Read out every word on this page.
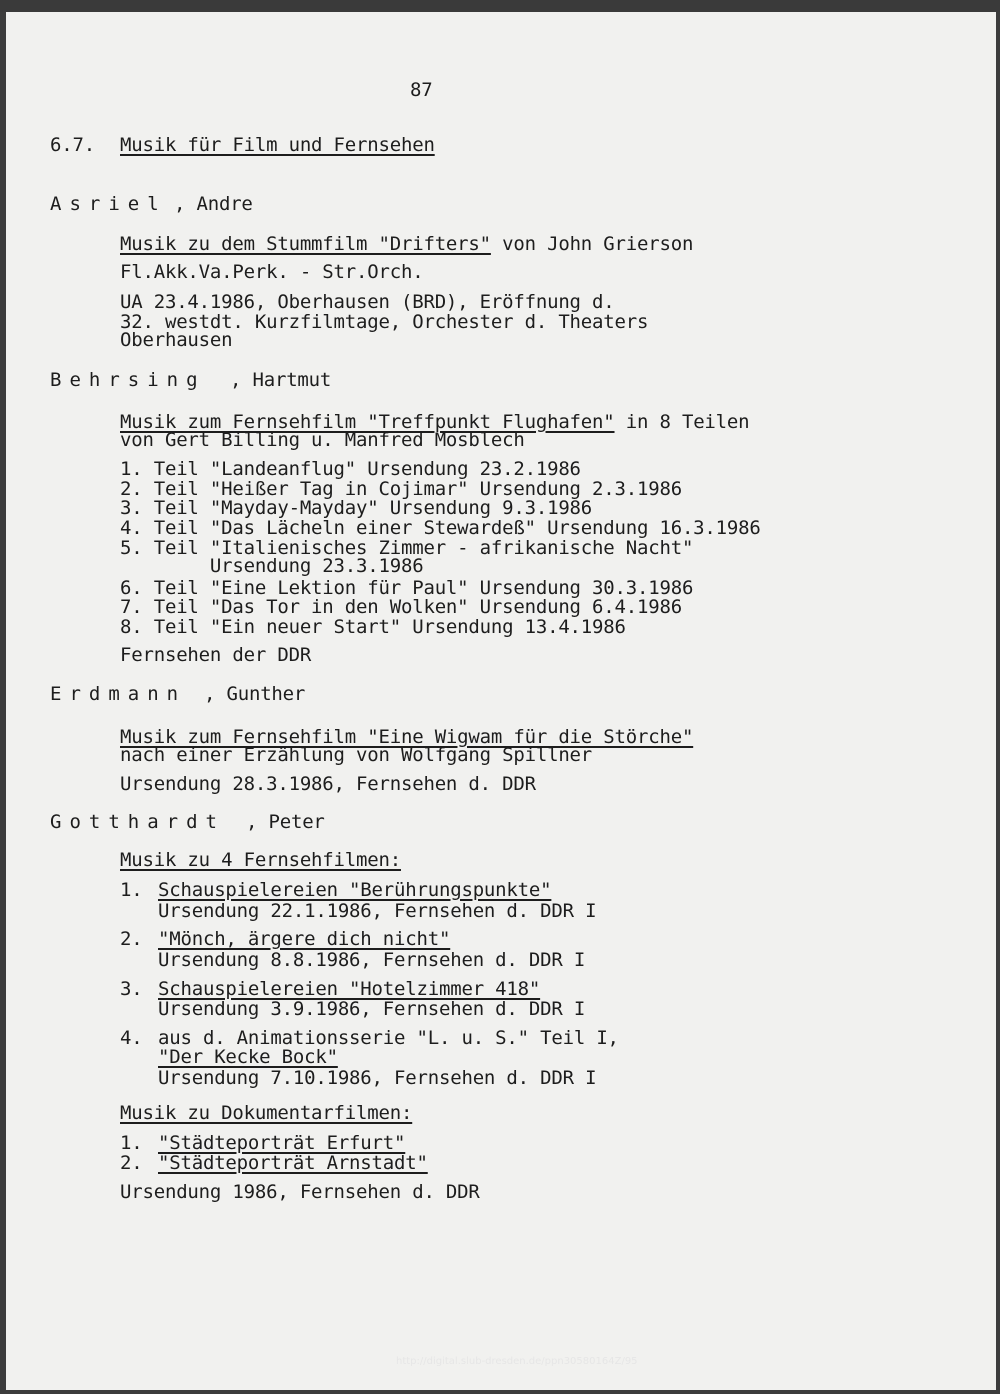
87
6.7. Musik für Film und Fernsehen
Asriel , Andre
Musik zu dem Stummfilm "Drifters" von John Grierson
Fl.Akk.Va.Perk. - Str.Orch.
UA 23.4.1986, Oberhausen (BRD), Eröffnung d.
32. westdt. Kurzfilmtage, Orchester d. Theaters
Oberhausen
Behrsing , Hartmut
Musik zum Fernsehfilm "Treffpunkt Flughafen" in 8 Teilen
von Gert Billing u. Manfred Mosblech
1. Teil "Landeanflug" Ursendung 23.2.1986
2. Teil "Heißer Tag in Cojimar" Ursendung 2.3.1986
3. Teil "Mayday-Mayday" Ursendung 9.3.1986
4. Teil "Das Lächeln einer Stewardeß" Ursendung 16.3.1986
5. Teil "Italienisches Zimmer - afrikanische Nacht"
Ursendung 23.3.1986
6. Teil "Eine Lektion für Paul" Ursendung 30.3.1986
7. Teil "Das Tor in den Wolken" Ursendung 6.4.1986
8. Teil "Ein neuer Start" Ursendung 13.4.1986
Fernsehen der DDR
Erdmann , Gunther
Musik zum Fernsehfilm "Eine Wigwam für die Störche"
nach einer Erzählung von Wolfgang Spillner
Ursendung 28.3.1986, Fernsehen d. DDR
Gotthardt , Peter
Musik zu 4 Fernsehfilmen:
1. Schauspielereien "Berührungspunkte"
Ursendung 22.1.1986, Fernsehen d. DDR I
2. "Mönch, ärgere dich nicht"
Ursendung 8.8.1986, Fernsehen d. DDR I
3. Schauspielereien "Hotelzimmer 418"
Ursendung 3.9.1986, Fernsehen d. DDR I
4. aus d. Animationsserie "L. u. S." Teil I,
"Der Kecke Bock"
Ursendung 7.10.1986, Fernsehen d. DDR I
Musik zu Dokumentarfilmen:
1. "Städteporträt Erfurt"
2. "Städteporträt Arnstadt"
Ursendung 1986, Fernsehen d. DDR
http://digital.slub-dresden.de/ppn30580164Z/95
